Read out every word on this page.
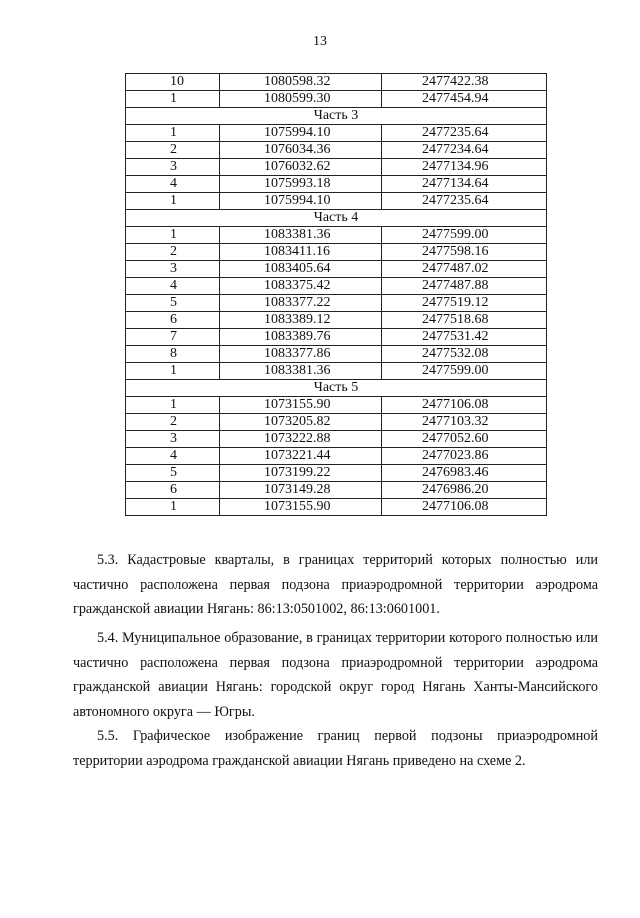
13
10	1080598.32	2477422.38
1	1080599.30	2477454.94
Часть 3		
1	1075994.10	2477235.64
2	1076034.36	2477234.64
3	1076032.62	2477134.96
4	1075993.18	2477134.64
1	1075994.10	2477235.64
Часть 4		
1	1083381.36	2477599.00
2	1083411.16	2477598.16
3	1083405.64	2477487.02
4	1083375.42	2477487.88
5	1083377.22	2477519.12
6	1083389.12	2477518.68
7	1083389.76	2477531.42
8	1083377.86	2477532.08
1	1083381.36	2477599.00
Часть 5		
1	1073155.90	2477106.08
2	1073205.82	2477103.32
3	1073222.88	2477052.60
4	1073221.44	2477023.86
5	1073199.22	2476983.46
6	1073149.28	2476986.20
1	1073155.90	2477106.08

5.3. Кадастровые кварталы, в границах территорий которых полностью или частично расположена первая подзона приаэродромной территории аэродрома гражданской авиации Нягань: 86:13:0501002, 86:13:0601001.

5.4. Муниципальное образование, в границах территории которого полностью или частично расположена первая подзона приаэродромной территории аэродрома гражданской авиации Нягань: городской округ город Нягань Ханты-Мансийского автономного округа — Югры.

5.5. Графическое изображение границ первой подзоны приаэродромной территории аэродрома гражданской авиации Нягань приведено на схеме 2.
